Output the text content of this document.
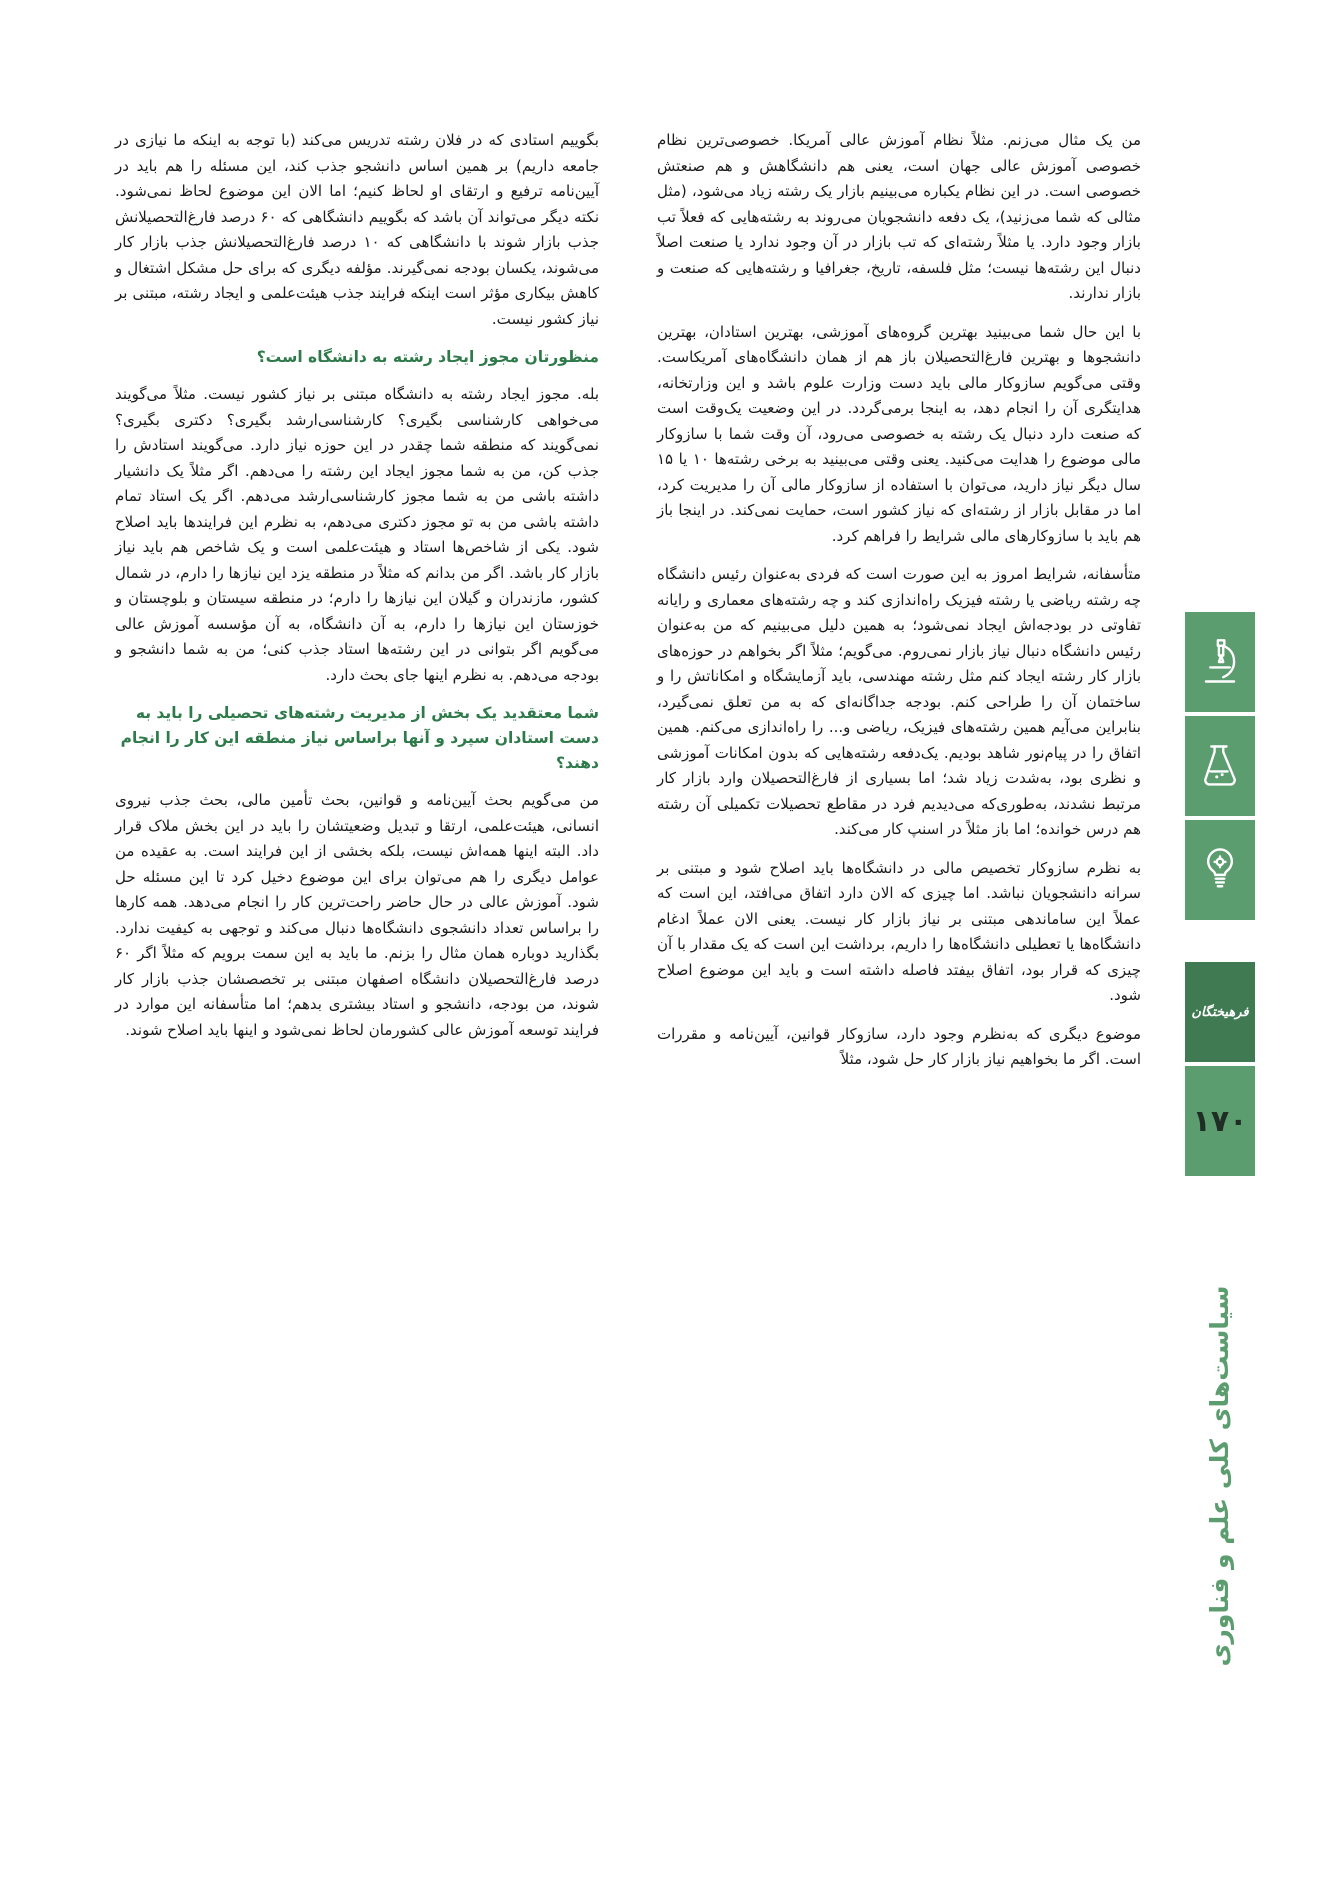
من یک مثال می‌زنم. مثلاً نظام آموزش عالی آمریکا. خصوصی‌ترین نظام خصوصی آموزش عالی جهان است، یعنی هم دانشگاهش و هم صنعتش خصوصی است. در این نظام یکباره می‌بینیم بازار یک رشته زیاد می‌شود، (مثل مثالی که شما می‌زنید)، یک دفعه دانشجویان می‌روند به رشته‌هایی که فعلاً تب بازار وجود دارد. یا مثلاً رشته‌ای که تب بازار در آن وجود ندارد یا صنعت اصلاً دنبال این رشته‌ها نیست؛ مثل فلسفه، تاریخ، جغرافیا و رشته‌هایی که صنعت و بازار ندارند.

با این حال شما می‌بینید بهترین گروه‌های آموزشی، بهترین استادان، بهترین دانشجوها و بهترین فارغ‌التحصیلان باز هم از همان دانشگاه‌های آمریکاست. وقتی می‌گویم سازوکار مالی باید دست وزارت علوم باشد و این وزارتخانه، هدایتگری آن را انجام دهد، به اینجا برمی‌گردد. در این وضعیت یک‌وقت است که صنعت دارد دنبال یک رشته به خصوصی می‌رود، آن وقت شما با سازوکار مالی موضوع را هدایت می‌کنید. یعنی وقتی می‌بینید به برخی رشته‌ها ۱۰ یا ۱۵ سال دیگر نیاز دارید، می‌توان با استفاده از سازوکار مالی آن را مدیریت کرد، اما در مقابل بازار از رشته‌ای که نیاز کشور است، حمایت نمی‌کند. در اینجا باز هم باید با سازوکارهای مالی شرایط را فراهم کرد.

متأسفانه، شرایط امروز به این صورت است که فردی به‌عنوان رئیس دانشگاه چه رشته ریاضی یا رشته فیزیک راه‌اندازی کند و چه رشته‌های معماری و رایانه تفاوتی در بودجه‌اش ایجاد نمی‌شود؛ به همین دلیل می‌بینیم که من به‌عنوان رئیس دانشگاه دنبال نیاز بازار نمی‌روم. می‌گویم؛ مثلاً اگر بخواهم در حوزه‌های بازار کار رشته ایجاد کنم مثل رشته مهندسی، باید آزمایشگاه و امکاناتش را و ساختمان آن را طراحی کنم. بودجه جداگانه‌ای که به من تعلق نمی‌گیرد، بنابراین می‌آیم همین رشته‌های فیزیک، ریاضی و... را راه‌اندازی می‌کنم. همین اتفاق را در پیام‌نور شاهد بودیم. یک‌دفعه رشته‌هایی که بدون امکانات آموزشی و نظری بود، به‌شدت زیاد شد؛ اما بسیاری از فارغ‌التحصیلان وارد بازار کار مرتبط نشدند، به‌طوری‌که می‌دیدیم فرد در مقاطع تحصیلات تکمیلی آن رشته هم درس خوانده؛ اما باز مثلاً در اسنپ کار می‌کند.

به نظرم سازوکار تخصیص مالی در دانشگاه‌ها باید اصلاح شود و مبتنی بر سرانه دانشجویان نباشد. اما چیزی که الان دارد اتفاق می‌افتد، این است که عملاً این ساماندهی مبتنی بر نیاز بازار کار نیست. یعنی الان عملاً ادغام دانشگاه‌ها یا تعطیلی دانشگاه‌ها را داریم، برداشت این است که یک مقدار با آن چیزی که قرار بود، اتفاق بیفتد فاصله داشته است و باید این موضوع اصلاح شود.

موضوع دیگری که به‌نظرم وجود دارد، سازوکار قوانین، آیین‌نامه و مقررات است. اگر ما بخواهیم نیاز بازار کار حل شود، مثلاً

بگوییم استادی که در فلان رشته تدریس می‌کند (با توجه به اینکه ما نیازی در جامعه داریم) بر همین اساس دانشجو جذب کند، این مسئله را هم باید در آیین‌نامه ترفیع و ارتقای او لحاظ کنیم؛ اما الان این موضوع لحاظ نمی‌شود. نکته دیگر می‌تواند آن باشد که بگوییم دانشگاهی که ۶۰ درصد فارغ‌التحصیلانش جذب بازار شوند با دانشگاهی که ۱۰ درصد فارغ‌التحصیلانش جذب بازار کار می‌شوند، یکسان بودجه نمی‌گیرند. مؤلفه دیگری که برای حل مشکل اشتغال و کاهش بیکاری مؤثر است اینکه فرایند جذب هیئت‌علمی و ایجاد رشته، مبتنی بر نیاز کشور نیست.

منظورتان مجوز ایجاد رشته به دانشگاه است؟

بله. مجوز ایجاد رشته به دانشگاه مبتنی بر نیاز کشور نیست. مثلاً می‌گویند می‌خواهی کارشناسی بگیری؟ کارشناسی‌ارشد بگیری؟ دکتری بگیری؟ نمی‌گویند که منطقه شما چقدر در این حوزه نیاز دارد. می‌گویند استادش را جذب کن، من به شما مجوز ایجاد این رشته را می‌دهم. اگر مثلاً یک دانشیار داشته باشی من به شما مجوز کارشناسی‌ارشد می‌دهم. اگر یک استاد تمام داشته باشی من به تو مجوز دکتری می‌دهم، به نظرم این فرایندها باید اصلاح شود. یکی از شاخص‌ها استاد و هیئت‌علمی است و یک شاخص هم باید نیاز بازار کار باشد. اگر من بدانم که مثلاً در منطقه یزد این نیازها را دارم، در شمال کشور، مازندران و گیلان این نیازها را دارم؛ در منطقه سیستان و بلوچستان و خوزستان این نیازها را دارم، به آن دانشگاه، به آن مؤسسه آموزش عالی می‌گویم اگر بتوانی در این رشته‌ها استاد جذب کنی؛ من به شما دانشجو و بودجه می‌دهم. به نظرم اینها جای بحث دارد.

شما معتقدید یک بخش از مدیریت رشته‌های تحصیلی را باید به دست استادان سپرد و آنها براساس نیاز منطقه این کار را انجام دهند؟

من می‌گویم بحث آیین‌نامه و قوانین، بحث تأمین مالی، بحث جذب نیروی انسانی، هیئت‌علمی، ارتقا و تبدیل وضعیتشان را باید در این بخش ملاک قرار داد. البته اینها همه‌اش نیست، بلکه بخشی از این فرایند است. به عقیده من عوامل دیگری را هم می‌توان برای این موضوع دخیل کرد تا این مسئله حل شود. آموزش عالی در حال حاضر راحت‌ترین کار را انجام می‌دهد. همه کارها را براساس تعداد دانشجوی دانشگاه‌ها دنبال می‌کند و توجهی به کیفیت ندارد. بگذارید دوباره همان مثال را بزنم. ما باید به این سمت برویم که مثلاً اگر ۶۰ درصد فارغ‌التحصیلان دانشگاه اصفهان مبتنی بر تخصصشان جذب بازار کار شوند، من بودجه، دانشجو و استاد بیشتری بدهم؛ اما متأسفانه این موارد در فرایند توسعه آموزش عالی کشورمان لحاظ نمی‌شود و اینها باید اصلاح شوند.

فرهیختگان
۱۷۰
سیاست‌های کلی علم و فناوری
